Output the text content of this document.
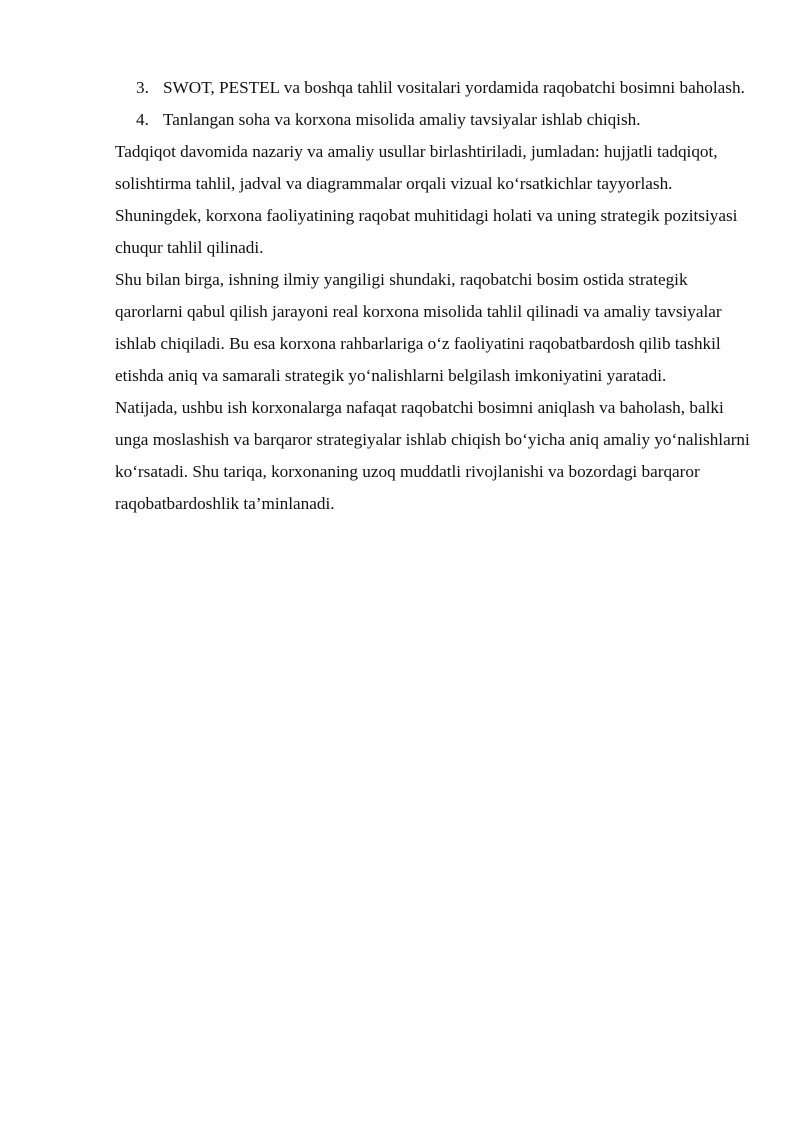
3. SWOT, PESTEL va boshqa tahlil vositalari yordamida raqobatchi bosimni baholash.
4. Tanlangan soha va korxona misolida amaliy tavsiyalar ishlab chiqish.

Tadqiqot davomida nazariy va amaliy usullar birlashtiriladi, jumladan: hujjatli tadqiqot, solishtirma tahlil, jadval va diagrammalar orqali vizual ko‘rsatkichlar tayyorlash. Shuningdek, korxona faoliyatining raqobat muhitidagi holati va uning strategik pozitsiyasi chuqur tahlil qilinadi.

Shu bilan birga, ishning ilmiy yangiligi shundaki, raqobatchi bosim ostida strategik qarorlarni qabul qilish jarayoni real korxona misolida tahlil qilinadi va amaliy tavsiyalar ishlab chiqiladi. Bu esa korxona rahbarlariga o‘z faoliyatini raqobatbardosh qilib tashkil etishda aniq va samarali strategik yo‘nalishlarni belgilash imkoniyatini yaratadi.

Natijada, ushbu ish korxonalarga nafaqat raqobatchi bosimni aniqlash va baholash, balki unga moslashish va barqaror strategiyalar ishlab chiqish bo‘yicha aniq amaliy yo‘nalishlarni ko‘rsatadi. Shu tariqa, korxonaning uzoq muddatli rivojlanishi va bozordagi barqaror raqobatbardoshlik ta’minlanadi.
